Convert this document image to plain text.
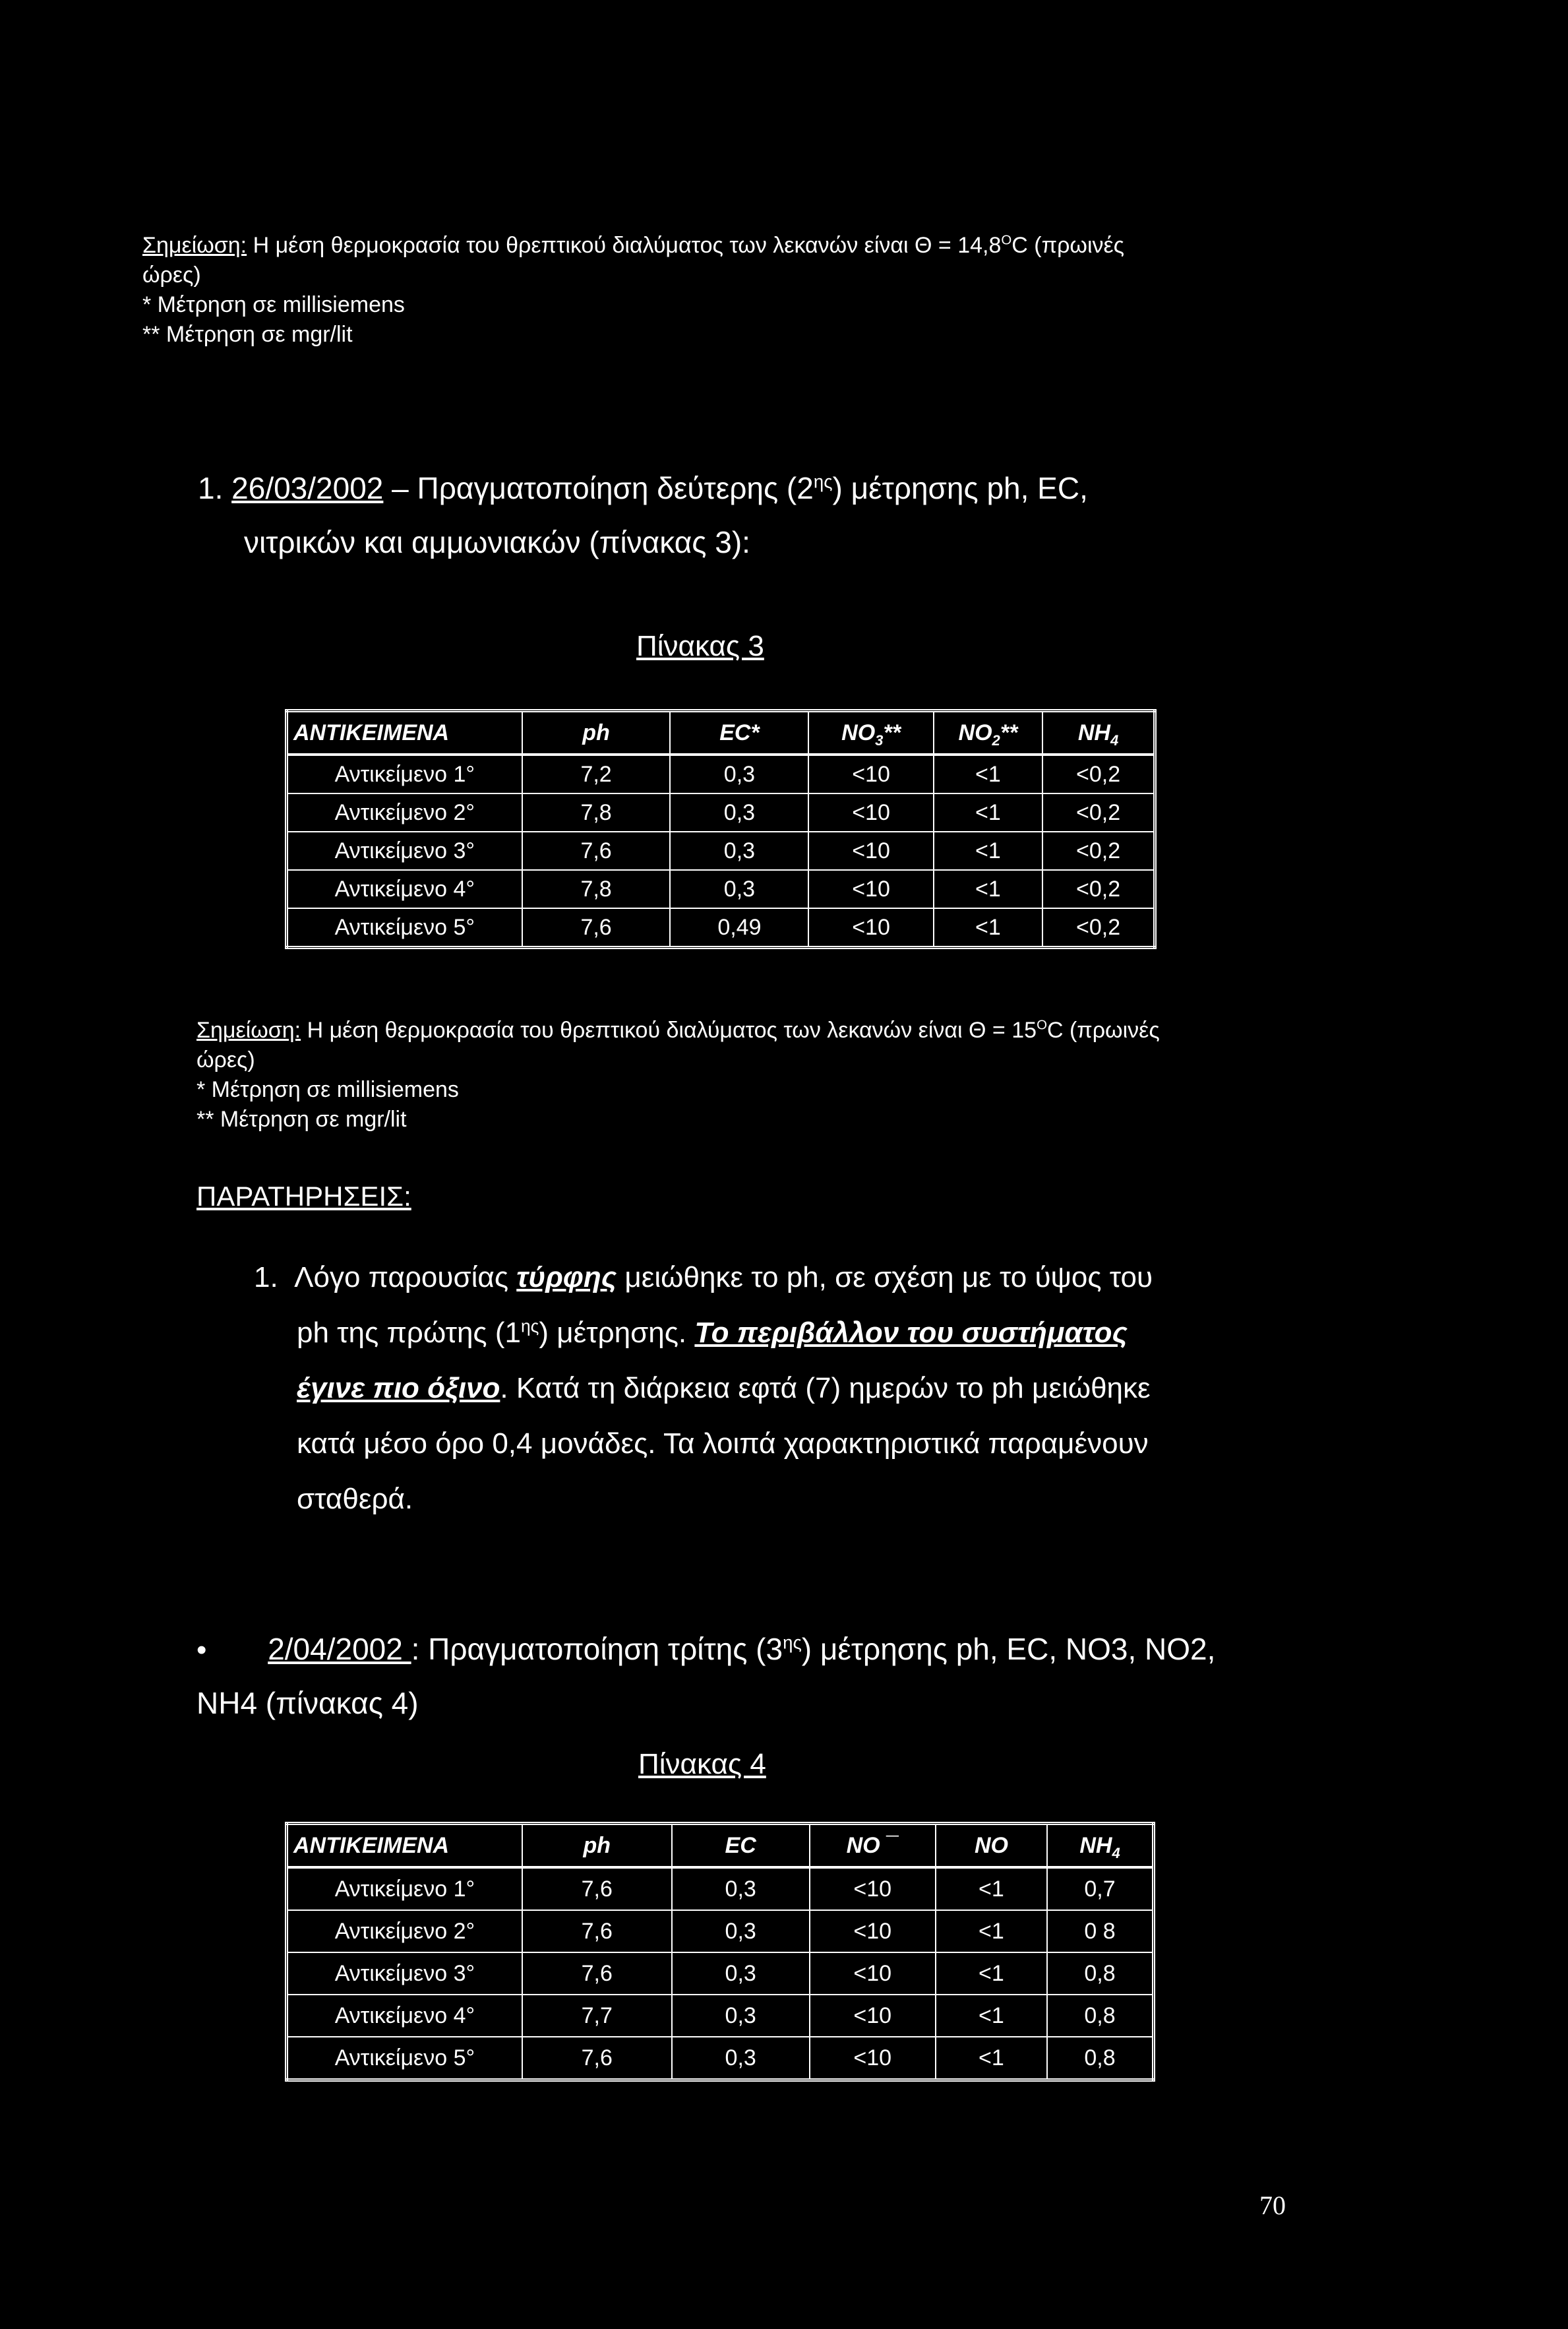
Σημείωση: Η μέση θερμοκρασία του θρεπτικού διαλύματος των λεκανών είναι $\Theta = 14,8^OC$ (πρωινές
ώρες)
* Μέτρηση σε millisiemens
** Μέτρηση σε mgr/lit
1. 26/03/2002 – Πραγματοποίηση δεύτερης $(2^{\eta\varsigma})$ μέτρησης ph, EC,
νιτρικών και αμμωνιακών (πίνακας 3):
Πίνακας 3
ΑΝΤΙΚΕΙΜΕΝΑ	ph	EC*	$NO_3**$	$NO_2**$	$NH_4$
Αντικείμενο 1°	7,2	0,3	<10	<1	<0,2
Αντικείμενο 2°	7,8	0,3	<10	<1	<0,2
Αντικείμενο 3°	7,6	0,3	<10	<1	<0,2
Αντικείμενο 4°	7,8	0,3	<10	<1	<0,2
Αντικείμενο 5°	7,6	0,49	<10	<1	<0,2
Σημείωση: Η μέση θερμοκρασία του θρεπτικού διαλύματος των λεκανών είναι $\Theta = 15^OC$ (πρωινές
ώρες)
* Μέτρηση σε millisiemens
** Μέτρηση σε mgr/lit
ΠΑΡΑΤΗΡΗΣΕΙΣ:
1. Λόγο παρουσίας τύρφης μειώθηκε το ph, σε σχέση με το ύψος του
ph της πρώτης $(1^{\eta\varsigma})$ μέτρησης. Το περιβάλλον του συστήματος
έγινε πιο όξινο. Κατά τη διάρκεια εφτά (7) ημερών το ph μειώθηκε
κατά μέσο όρο 0,4 μονάδες. Τα λοιπά χαρακτηριστικά παραμένουν
σταθερά.
• 2/04/2002 : Πραγματοποίηση τρίτης $(3^{\eta\varsigma})$ μέτρησης ph, EC, NO3, NO2,
NH4 (πίνακας 4)
Πίνακας 4
ΑΝΤΙΚΕΙΜΕΝΑ	ph	EC	NO ¯	NO	$NH_4$
Αντικείμενο 1°	7,6	0,3	<10	<1	0,7
Αντικείμενο 2°	7,6	0,3	<10	<1	0 8
Αντικείμενο 3°	7,6	0,3	<10	<1	0,8
Αντικείμενο 4°	7,7	0,3	<10	<1	0,8
Αντικείμενο 5°	7,6	0,3	<10	<1	0,8
70
